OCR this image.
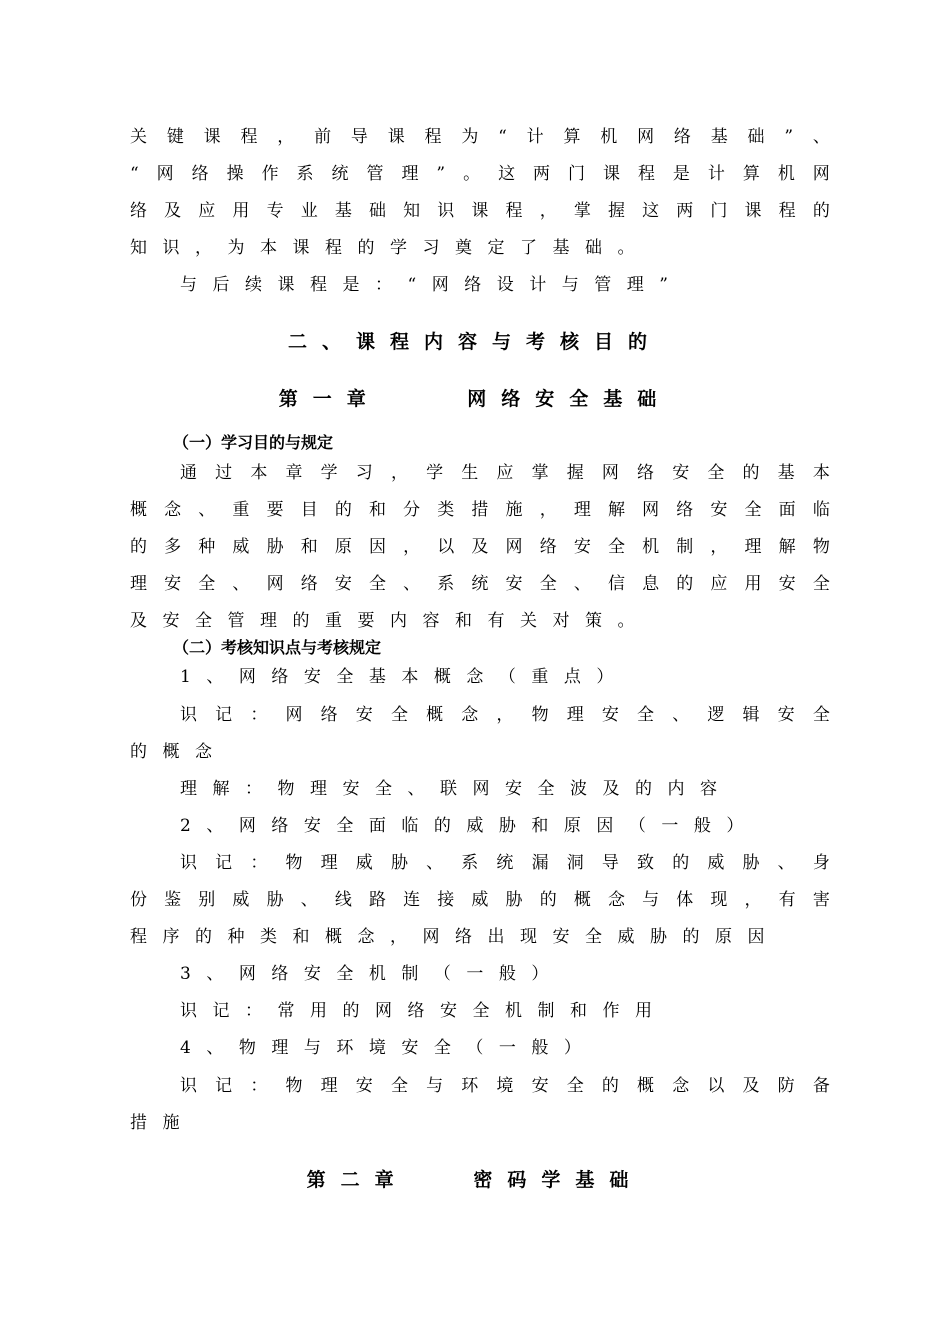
关 键 课 程 ， 前 导 课 程 为 “ 计 算 机 网 络 基 础 ” 、
“ 网 络 操 作 系 统 管 理 ” 。 这 两 门 课 程 是 计 算 机 网
络 及 应 用 专 业 基 础 知 识 课 程 ， 掌 握 这 两 门 课 程 的
知识，为本课程的学习奠定了基础。
与后续课程是：“网络设计与管理”
二、课程内容与考核目的
第一章    网络安全基础
（一）学习目的与规定
通 过 本 章 学 习 ， 学 生 应 掌 握 网 络 安 全 的 基 本
概 念 、 重 要 目 的 和 分 类 措 施 ， 理 解 网 络 安 全 面 临
的 多 种 威 胁 和 原 因 ， 以 及 网 络 安 全 机 制 ， 理 解 物
理 安 全 、 网 络 安 全 、 系 统 安 全 、 信 息 的 应 用 安 全
及安全管理的重要内容和有关对策。
（二）考核知识点与考核规定
1、网络安全基本概念（重点）
识 记 ： 网 络 安 全 概 念 ， 物 理 安 全 、 逻 辑 安 全
的概念
理解：物理安全、联网安全波及的内容
2、网络安全面临的威胁和原因（一般）
识 记 ： 物 理 威 胁 、 系 统 漏 洞 导 致 的 威 胁 、 身
份 鉴 别 威 胁 、 线 路 连 接 威 胁 的 概 念 与 体 现 ， 有 害
程序的种类和概念，网络出现安全威胁的原因
3、网络安全机制（一般）
识记：常用的网络安全机制和作用
4、物理与环境安全（一般）
识 记 ： 物 理 安 全 与 环 境 安 全 的 概 念 以 及 防 备
措施
第二章   密码学基础
